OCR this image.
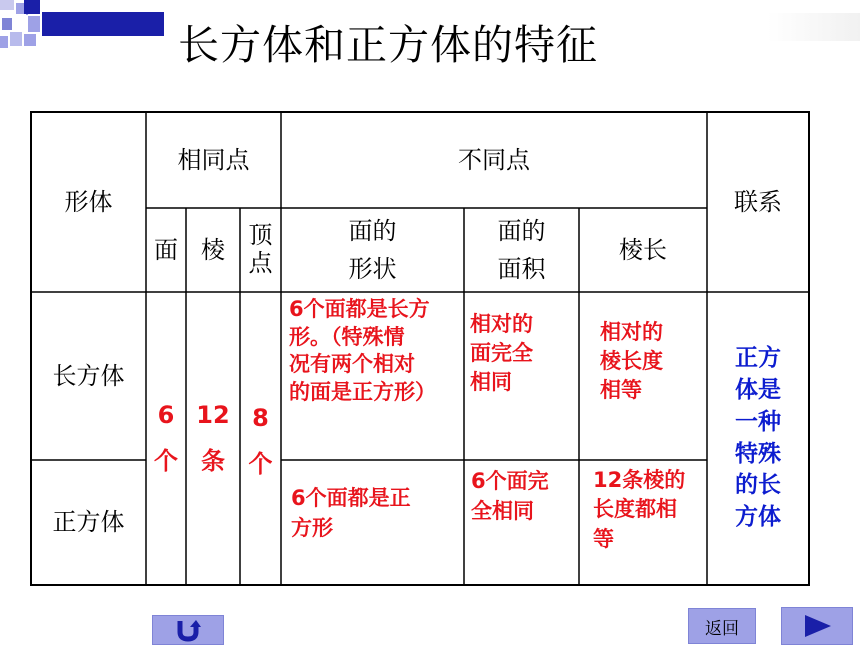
长方体和正方体的特征
形体
相同点	不同点
联系
面 棱
顶
点
面的
形状
面的
面积
棱长
长方体
正方体
6
个
12
条
8
个
6个面都是长方
形。（特殊情
况有两个相对
的面是正方形）
相对的
面完全
相同
相对的
棱长度
相等
6个面都是正
方形
6个面完
全相同
12条棱的
长度都相
等
正方
体是
一种
特殊
的长
方体
返回
